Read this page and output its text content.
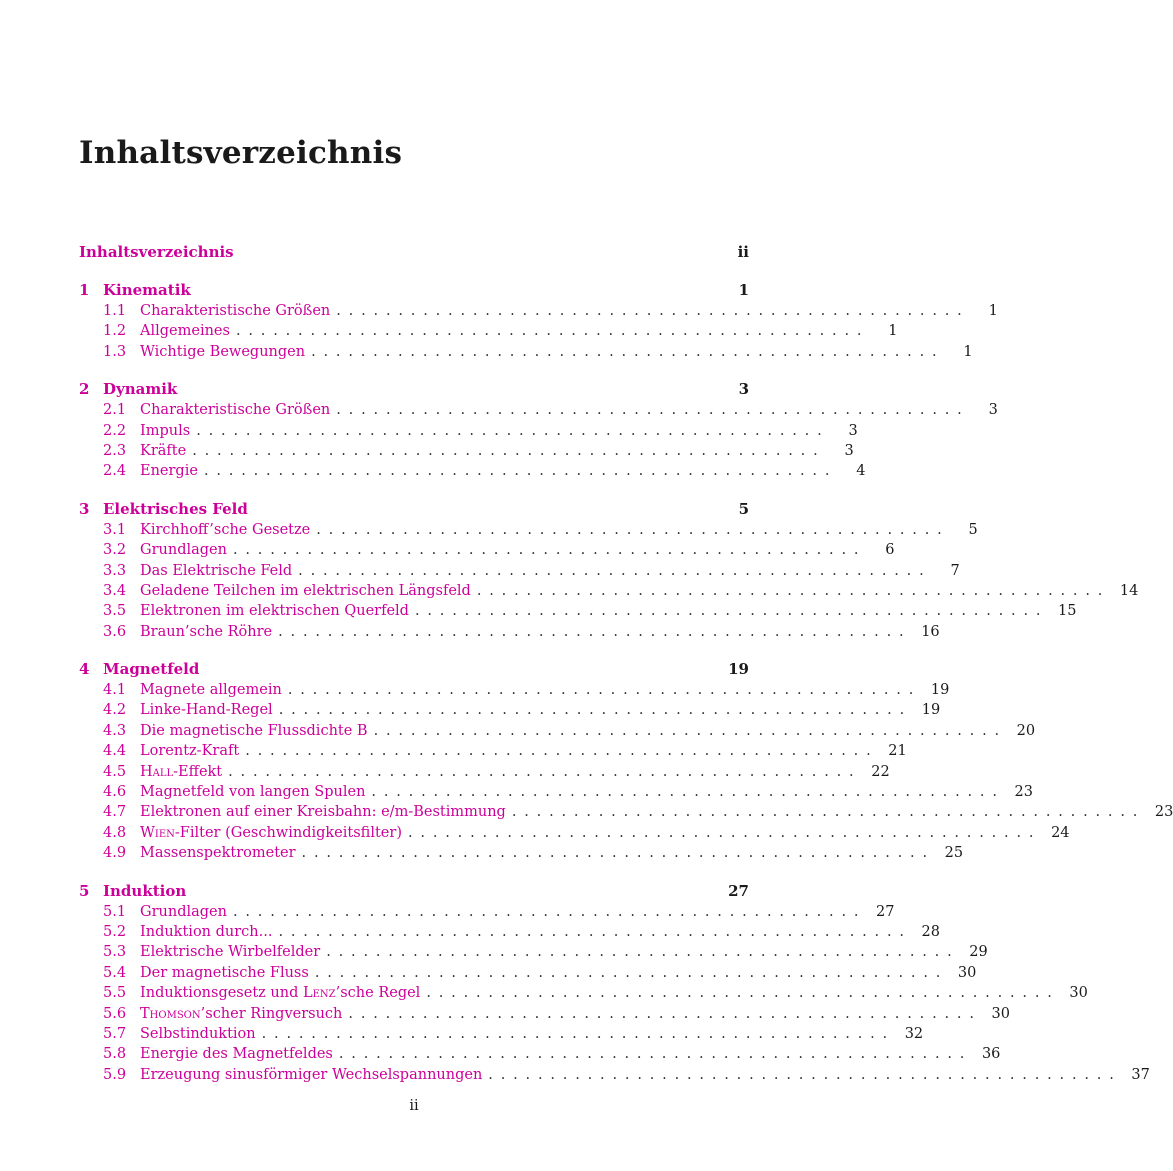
Inhaltsverzeichnis
Inhaltsverzeichnis	ii
1 Kinematik	1
1.1 Charakteristische Größen . . . . . . . . . . . . . . . . . . . . . . . . . . . . . . . . . . . . . . . . . . . . . . . . . . .	1
1.2 Allgemeines . . . . . . . . . . . . . . . . . . . . . . . . . . . . . . . . . . . . . . . . . . . . . . . . . . .	1
1.3 Wichtige Bewegungen . . . . . . . . . . . . . . . . . . . . . . . . . . . . . . . . . . . . . . . . . . . . . . . . . . .	1
2 Dynamik	3
2.1 Charakteristische Größen . . . . . . . . . . . . . . . . . . . . . . . . . . . . . . . . . . . . . . . . . . . . . . . . . . .	3
2.2 Impuls . . . . . . . . . . . . . . . . . . . . . . . . . . . . . . . . . . . . . . . . . . . . . . . . . . .	3
2.3 Kräfte . . . . . . . . . . . . . . . . . . . . . . . . . . . . . . . . . . . . . . . . . . . . . . . . . . .	3
2.4 Energie . . . . . . . . . . . . . . . . . . . . . . . . . . . . . . . . . . . . . . . . . . . . . . . . . . .	4
3 Elektrisches Feld	5
3.1 Kirchhoff’sche Gesetze . . . . . . . . . . . . . . . . . . . . . . . . . . . . . . . . . . . . . . . . . . . . . . . . . . .	5
3.2 Grundlagen . . . . . . . . . . . . . . . . . . . . . . . . . . . . . . . . . . . . . . . . . . . . . . . . . . .	6
3.3 Das Elektrische Feld . . . . . . . . . . . . . . . . . . . . . . . . . . . . . . . . . . . . . . . . . . . . . . . . . . .	7
3.4 Geladene Teilchen im elektrischen Längsfeld . . . . . . . . . . . . . . . . . . . . . . . . . . . . . . . . . . . . . . . . . . . . . . . . . . .	14
3.5 Elektronen im elektrischen Querfeld . . . . . . . . . . . . . . . . . . . . . . . . . . . . . . . . . . . . . . . . . . . . . . . . . . .	15
3.6 Braun’sche Röhre . . . . . . . . . . . . . . . . . . . . . . . . . . . . . . . . . . . . . . . . . . . . . . . . . . .	16
4 Magnetfeld	19
4.1 Magnete allgemein . . . . . . . . . . . . . . . . . . . . . . . . . . . . . . . . . . . . . . . . . . . . . . . . . . .	19
4.2 Linke-Hand-Regel . . . . . . . . . . . . . . . . . . . . . . . . . . . . . . . . . . . . . . . . . . . . . . . . . . .	19
4.3 Die magnetische Flussdichte B . . . . . . . . . . . . . . . . . . . . . . . . . . . . . . . . . . . . . . . . . . . . . . . . . . .	20
4.4 Lorentz-Kraft . . . . . . . . . . . . . . . . . . . . . . . . . . . . . . . . . . . . . . . . . . . . . . . . . . .	21
4.5 Hall-Effekt . . . . . . . . . . . . . . . . . . . . . . . . . . . . . . . . . . . . . . . . . . . . . . . . . . .	22
4.6 Magnetfeld von langen Spulen . . . . . . . . . . . . . . . . . . . . . . . . . . . . . . . . . . . . . . . . . . . . . . . . . . .	23
4.7 Elektronen auf einer Kreisbahn: e/m-Bestimmung . . . . . . . . . . . . . . . . . . . . . . . . . . . . . . . . . . . . . . . . . . . . . . . . . . .	23
4.8 Wien-Filter (Geschwindigkeitsfilter) . . . . . . . . . . . . . . . . . . . . . . . . . . . . . . . . . . . . . . . . . . . . . . . . . . .	24
4.9 Massenspektrometer . . . . . . . . . . . . . . . . . . . . . . . . . . . . . . . . . . . . . . . . . . . . . . . . . . .	25
5 Induktion	27
5.1 Grundlagen . . . . . . . . . . . . . . . . . . . . . . . . . . . . . . . . . . . . . . . . . . . . . . . . . . .	27
5.2 Induktion durch... . . . . . . . . . . . . . . . . . . . . . . . . . . . . . . . . . . . . . . . . . . . . . . . . . . .	28
5.3 Elektrische Wirbelfelder . . . . . . . . . . . . . . . . . . . . . . . . . . . . . . . . . . . . . . . . . . . . . . . . . . .	29
5.4 Der magnetische Fluss . . . . . . . . . . . . . . . . . . . . . . . . . . . . . . . . . . . . . . . . . . . . . . . . . . .	30
5.5 Induktionsgesetz und Lenz’sche Regel . . . . . . . . . . . . . . . . . . . . . . . . . . . . . . . . . . . . . . . . . . . . . . . . . . .	30
5.6 Thomson’scher Ringversuch . . . . . . . . . . . . . . . . . . . . . . . . . . . . . . . . . . . . . . . . . . . . . . . . . . .	30
5.7 Selbstinduktion . . . . . . . . . . . . . . . . . . . . . . . . . . . . . . . . . . . . . . . . . . . . . . . . . . .	32
5.8 Energie des Magnetfeldes . . . . . . . . . . . . . . . . . . . . . . . . . . . . . . . . . . . . . . . . . . . . . . . . . . .	36
5.9 Erzeugung sinusförmiger Wechselspannungen . . . . . . . . . . . . . . . . . . . . . . . . . . . . . . . . . . . . . . . . . . . . . . . . . . .	37
ii
